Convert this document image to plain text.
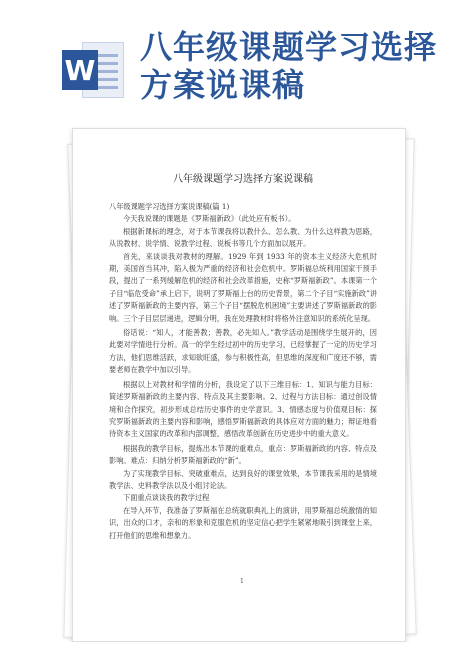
W
八年级课题学习选择方案说课稿
八年级课题学习选择方案说课稿

八年级课题学习选择方案说课稿(篇 1)

今天我说课的课题是《罗斯福新政》（此处应有板书）。

根据新课标的理念，对于本节课我将以教什么、怎么教、为什么这样教为思路，从说教材、说学情、说教学过程、说板书等几个方面加以展开。

首先，来谈谈我对教材的理解。1929 年到 1933 年的资本主义经济大危机时期，美国首当其冲，陷入极为严重的经济和社会危机中。罗斯福总统利用国家干预手段，提出了一系列缓解危机的经济和社会改革措施，史称“罗斯福新政”。本课第一个子目“临危受命”承上启下，说明了罗斯福上台的历史背景，第二个子目“实施新政”讲述了罗斯福新政的主要内容，第三个子目“摆脱危机困境”主要讲述了罗斯福新政的影响。三个子目层层递进，逻辑分明，我在处理教材时将格外注意知识的系统化呈现。

俗话说：“知人，才能善教；善教，必先知人。”教学活动是围绕学生展开的，因此要对学情进行分析。高一的学生经过初中的历史学习，已经掌握了一定的历史学习方法，他们思维活跃，求知欲旺盛，参与积极性高，但思维的深度和广度还不够，需要老师在教学中加以引导。

根据以上对教材和学情的分析，我设定了以下三维目标：1、知识与能力目标：简述罗斯福新政的主要内容、特点及其主要影响。2、过程与方法目标：通过创设情境和合作探究，初步形成总结历史事件的史学意识。3、情感态度与价值观目标：探究罗斯福新政的主要内容和影响，感悟罗斯福新政的具体应对方面的魅力；辩证地看待资本主义国家的改革和内部调整，感悟改革创新在历史进步中的重大意义。

根据我的教学目标，提炼出本节课的重难点，重点：罗斯福新政的内容、特点及影响。难点：归纳分析罗斯福新政的“新”。

为了实现教学目标、突破重难点，达到良好的课堂效果，本节课我采用的是情境教学法、史料教学法以及小组讨论法。

下面重点谈谈我的教学过程

在导入环节，我准备了罗斯福在总统就职典礼上的演讲，用罗斯福总统激情的知识，出众的口才，亲和的形象和克服危机的坚定信心把学生紧紧地吸引到课堂上来，打开他们的思维和想象力。

1
